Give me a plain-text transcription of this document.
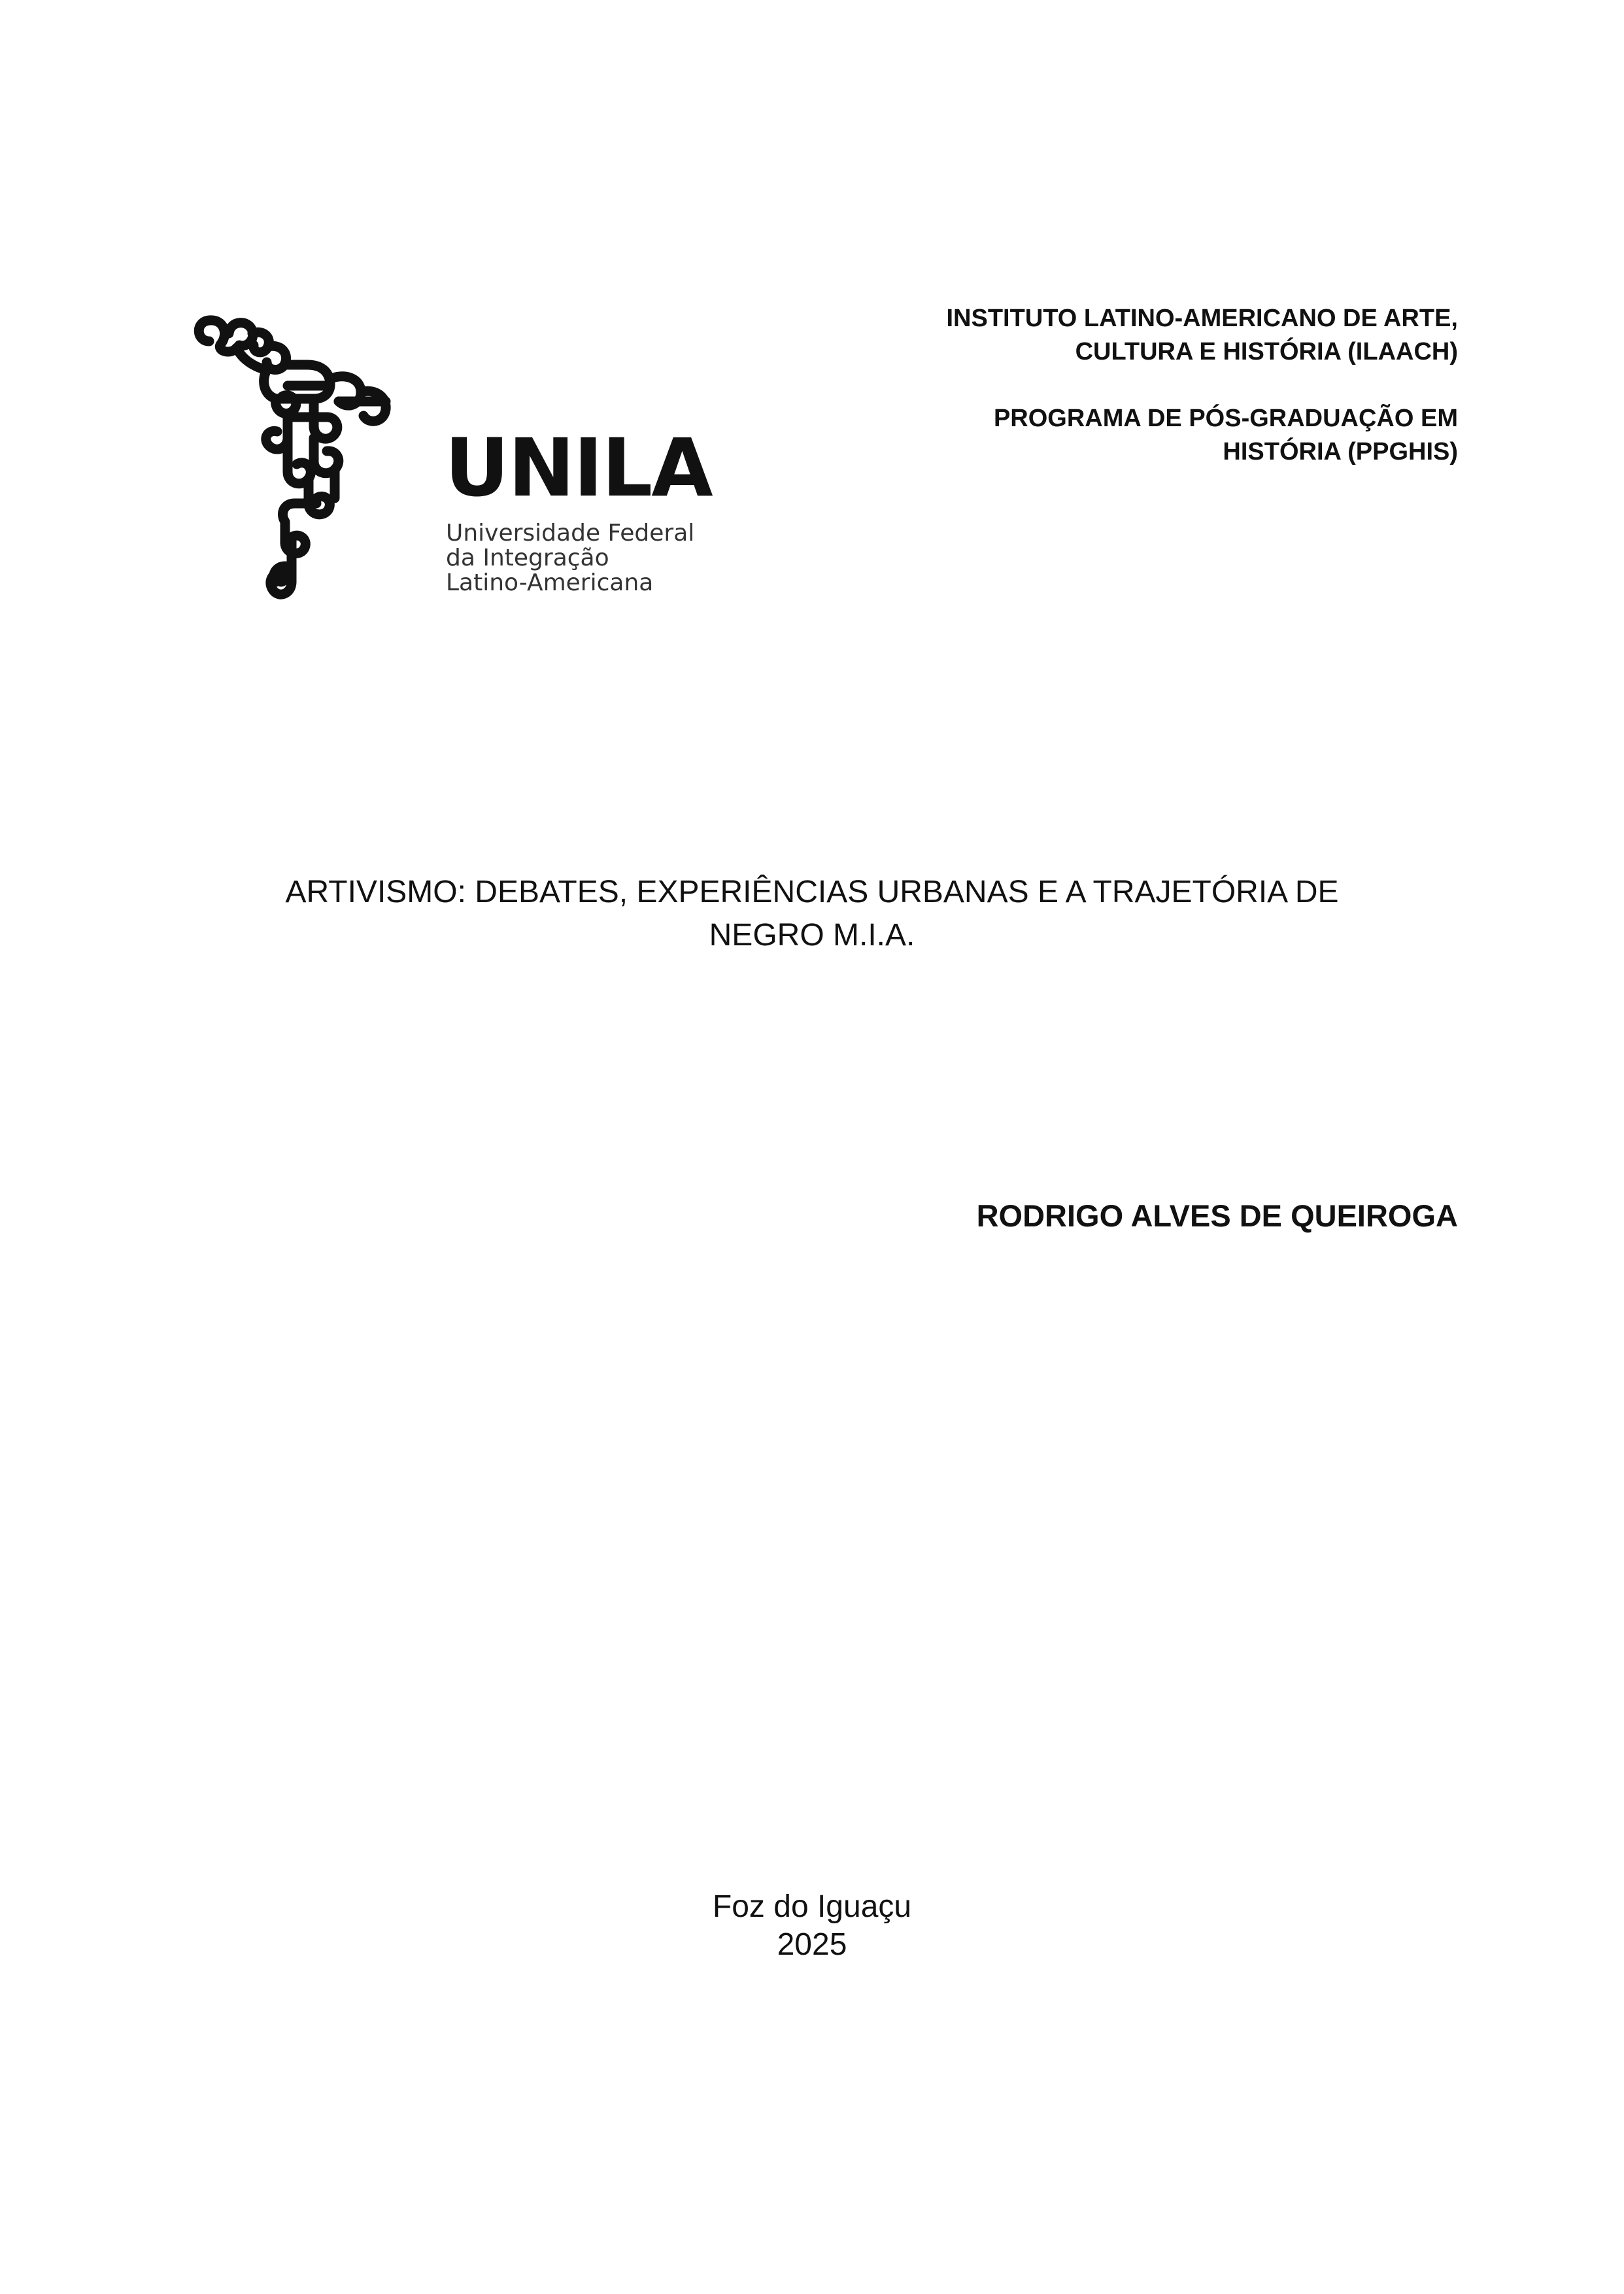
UNILA
Universidade Federal
da Integração
Latino-Americana
INSTITUTO LATINO-AMERICANO DE ARTE,
CULTURA E HISTÓRIA (ILAACH)
PROGRAMA DE PÓS-GRADUAÇÃO EM
HISTÓRIA (PPGHIS)
ARTIVISMO: DEBATES, EXPERIÊNCIAS URBANAS E A TRAJETÓRIA DE
NEGRO M.I.A.
RODRIGO ALVES DE QUEIROGA
Foz do Iguaçu
2025
